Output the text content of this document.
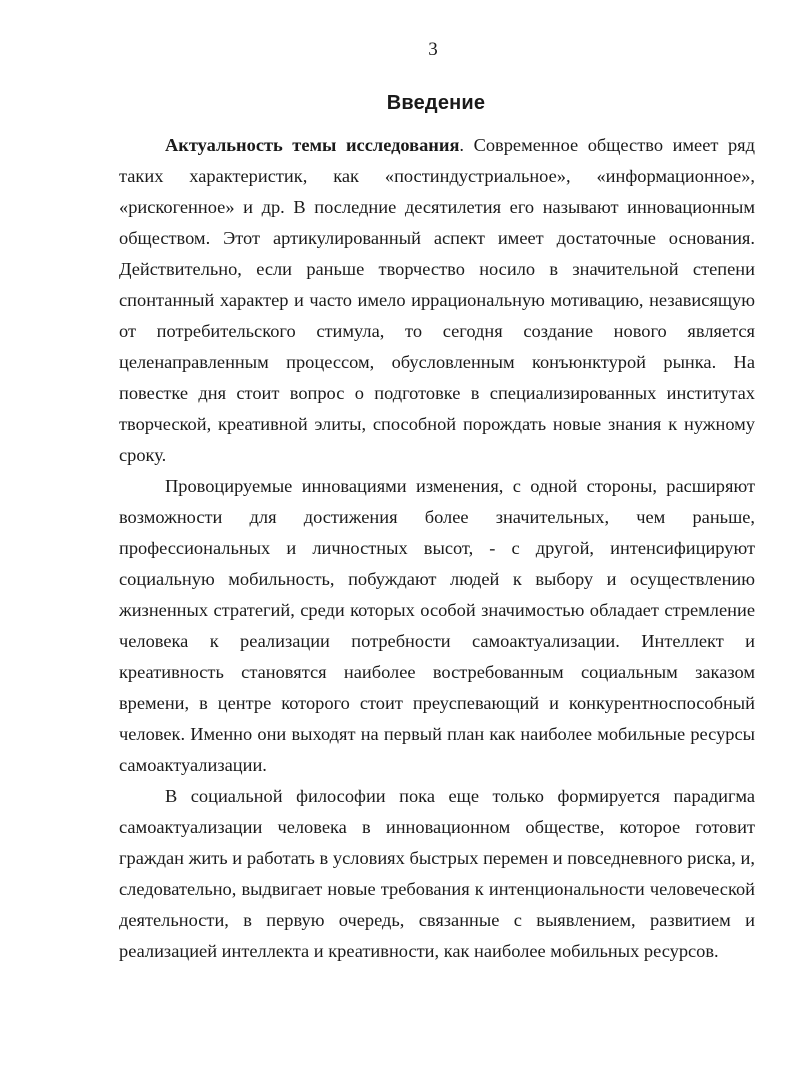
3
Введение

Актуальность темы исследования. Современное общество имеет ряд таких характеристик, как «постиндустриальное», «информационное», «рискогенное» и др. В последние десятилетия его называют инновационным обществом. Этот артикулированный аспект имеет достаточные основания. Действительно, если раньше творчество носило в значительной степени спонтанный характер и часто имело иррациональную мотивацию, независящую от потребительского стимула, то сегодня создание нового является целенаправленным процессом, обусловленным конъюнктурой рынка. На повестке дня стоит вопрос о подготовке в специализированных институтах творческой, креативной элиты, способной порождать новые знания к нужному сроку.

Провоцируемые инновациями изменения, с одной стороны, расширяют возможности для достижения более значительных, чем раньше, профессиональных и личностных высот, - с другой, интенсифицируют социальную мобильность, побуждают людей к выбору и осуществлению жизненных стратегий, среди которых особой значимостью обладает стремление человека к реализации потребности самоактуализации. Интеллект и креативность становятся наиболее востребованным социальным заказом времени, в центре которого стоит преуспевающий и конкурентноспособный человек. Именно они выходят на первый план как наиболее мобильные ресурсы самоактуализации.

В социальной философии пока еще только формируется парадигма самоактуализации человека в инновационном обществе, которое готовит граждан жить и работать в условиях быстрых перемен и повседневного риска, и, следовательно, выдвигает новые требования к интенциональности человеческой деятельности, в первую очередь, связанные с выявлением, развитием и реализацией интеллекта и креативности, как наиболее мобильных ресурсов.
